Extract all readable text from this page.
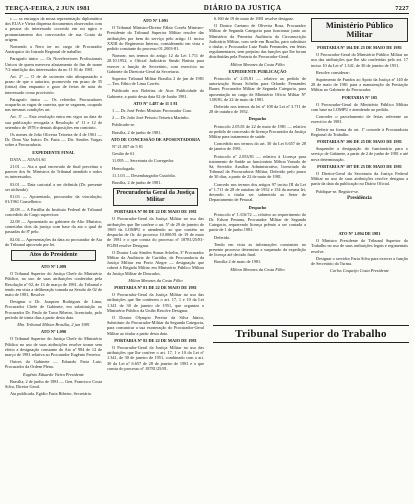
TERÇA-FEIRA, 2 JUN 1981	DIÁRIO DA JUSTIÇA	7227

c — os encargos da nossa representação diplomática dos EUA e Vieira dispensa documentos observados com a pessoa do interessado ocorrido em mi ngiro e pronunciamento dos convocados de sua Conta da origem.

Nomeado a Nero ter no cargo de Procurador Autárquico do Juizado Regional de trabalho.

Paragrafo único — Os Noveleceiores Profissionais Unicos de quem mereceu afastamento do fim de nome 7/2 nimilição dos interessados da no 11 01 de 1981.

Art. 2º — O de de sscientes não ultrapassarão o prazo de que o autorizo, promovido em prazo de 35 (trinta) dias enquanto o gozo de ferias de nota do interessado como provisório.

Paragrafo único — Os referidos Procuradores ocuparão as vagas de carreira, que se vagarem, ocupado nas mesmas condições art.

Art. 3º — Esta resolução entra em vigor na data de sua publicação revogada a Resolução nº 11 e 12 de setembro de 1978 e demais disposições em contrário.

Os nomes de João Oliveira Teixeira de 4 de 1961 — Dr. Dom Vaz Inácio Dr. Faria — Dir. Simões Vargas sobre a Procuradoria.

EXPEDIENTE FINAL

DATA — ATA/01/61

21.01 — Ata a qual encerrado de final preceitua o parecer dos Sr. Ministros do Tribunal atendido e todos os interessados.

03.01 — Data cartorial a ser definida (Dr. presente ser utilizado).

01.03 — Aposentado, procurador da vinculação; 01/1961 Conselheiro.

20.08 — A Partilha do Instituto Federal de Tribunal concedido do Cargo supervisor.

22.08 — Aposentado ao gabinete de Alto Ministro, cometidas dois da justiça com base da ata o qual de passadas do 8º pelo.

02.04 — Apresentações da data ao procurador de Ata do Tribunal aprovado por lei.

Atos do Presidente

ATO Nº 1.089

O Tribunal Superior do Justiça Chefe do Ministério Público, no uso de suas atribuições conferidas pela Resolução nº 02, de 13 de março de 1981, do Tribunal e tendo em vista a deliberação tomada na Sessão de 02 de maio de 1981, Resolve.

Designar o Dr. Joaquim Rodrigues de Lima, Procurador Chefe de Gabinete, em substituição ao Procurador Dr. Paulo de Tarso Ribeiro, licenciado, pelo período de trinta dias a partir desta data.

Min. Tribunal Militar Brasília, 2 jun 1981

ATO Nº 1.090

O Tribunal Superior do Justiça Chefe do Ministério Público no uso de suas atribuições resolve tornar sem efeito a designação constante do Ato nº 984 de 12 de março de 1981 relativa ao Procurador Eugênio Ferreira.

Outros do Gabinete — Eduardo Faria Luiz, Procurador da Ordem Plena.

Eugênio Eduardo Vieira Presidente

Brasília, 2 de junho de 1981 — Gen. Francisco Costa Silva, Diretor Geral.

Ata publicada. Egidio Faria Ribeiro, Secretário.

ATO Nº 1.091

O Tribunal Ministro-Diretor Fábio Corrêa Ministro-Presidente do Tribunal Superior Militar resolve dar atribuições por bem do serviço pelo artigo 11 inciso XXIII do Regimento Interno, considerando em vista o pedido constante do processo 01.2003-81.

Nomear, nos termos do artigo 12 da Lei 1.711 de 28.10.1952, o Oficial Judiciário Simão Batista para exercer a função de Secretário, com exercício no Gabinete da Diretoria-Geral da Secretaria.

Superior Tribunal Militar Brasília 2 de jun de 1981 — Ten. Fábio de Lima Corrêa.

Publicado nos Boletins de Atos Publicidade do Gabinete, a partir desta data 02 de Junho 1981.

ATO Nº 1.487 de 11 5 81

1 — Dr. José Pedro Ministro Procurador Cruz.

2 — Dr. João José Peixoto Teixeira Marinho.

Publicado-se.

Brasília, 2 de junho de 1981.

ATO DE CONCESSÃO DE APOSENTADORIA

Nº 21.007 de 5 81

Gestão de 61

11.095 — Secretaria do Corregedor.

Homologado.

11.1.03 — Desembargador Custódio.

Brasília, 2 de junho de 1981.

Procuradoria Geral da Justiça Militar

PORTARIA Nº 80 DE 22 DE MAIO DE 1981

O Procurador-Geral da Justiça Militar no uso das atribuições que lhe confere o art. 5º de 29 de janeiro de 1969 da LOMPU e atendendo ao que contém no despacho de fls. do processo 10.000/81 de 19 de maio de 1981 e o que consta do processo nº 18781/25/81-PGJM resolve Designar.

O Doutor Luiz Simões Simas Schelin, 3º Procurador Militar da Auditoria de Curitiba, da Procuradoria da Justiça Militar em Porto Alegre — designação que caberá à Brigada Militar em Ministério Público Militar da Justiça Militar de Dourados.

Milton Menezes da Costa Filho

PORTARIA Nº 81 DE 22 DE MAIO DE 1981

O Procurador-Geral da Justiça Militar no uso das atribuições que lhe conferem o art. 17, 1 e 10 da Lei 1.341 de 30 de janeiro de 1951, que organiza o Ministério Público da União Resolve Designar.

O Doutor Olympio Pereira da Silva Júnior, Substituto do Procurador-Militar da Segunda Categoria, para comunicar a sua exoneração do Procurador-Geral Militar ao titular a partir desta data.

PORTARIA Nº 82 DE 22 DE MAIO DE 1981

O Procurador-Geral da Justiça Militar no uso das atribuições que lhe confere o art. 17, 1 e 10 da Lei nº 1.341, de 30 de janeiro de 1951, combinado com o art. 30 da Lei nº 6.657 de 28 de janeiro de 1981 e o que consta do processo nº 18781/25/81.

6.160 de 19 de maio de 1981 resolve designar.

O Doutor Caetano de Oliveira Rosa, Procurador Militar de Segunda Categoria para funcionar junto ao Ministério da Primeira Auditoria da Circunscrição Judiciária Militar, com sede em Brasília, para substituir o titular, o Procurador Luiz Paulo Fernandes, em férias regulamentares, sem prejuízo das funções que lhe foram distribuídas pela Portaria do Procurador-Geral.

Milton Menezes da Costa Filho

EXPEDIENTE PUBLICAÇÃO

Protocolo nº 2.05.81 — relativo ao pedido de autorização Simas Schelin para Orlando Fernandes Bauer, Procurador Militar de Segunda Categoria, para aposentação no cargo de Ministério Ofício Militar Nº 1.08/81, de 22 de maio de 1981.

Deferido nos termos da lei nº 108 da Lei nº 3.711 de 28 de outubro de 1952.

Despacho

Protocolo 2.05.81 de 22 de maio de 1981 — relativo ao pedido de concessão de licença Procurador da Justiça Militar para tratamento de saúde.

Concedido nos termos do art. 30 da Lei 6.657 de 28 de janeiro de 1981.

Protocolo nº 2.053/81 — relativo à Licença para tratamento de Saúde ao funcionário Milton Vassalo de Sá, Servidor Auxiliar Administrativo, licenciado do Tribunal da Procuradoria Militar, Deferido pelo prazo de 30 dias, a partir de 22 de maio de 1981.

Concedo nos termos dos artigos 97 inciso III da Lei nº 1.711 de 28 de outubro de 1952 e 154 da mesma lei, devendo o titular ser submetido ao Setor de Departamento de Pessoal.

Despacho

Protocolo nº 1.316/72 — relativo ao requerimento do Dr. Edson Pestana, Procurador Militar de Segunda Categoria, requerendo licença prêmio a ser contada a partir de 1 de junho 1981.

Deferido.

Tendo em vista as informações constantes no presente processo determino a suspensão da expedição de licença até decisão final.

Brasília 2 de maio de 1981.

Milton Menezes da Costa Filho

Ministério Público Militar

PORTARIA Nº 104 DE 25 DE MAIO DE 1981

O Procurador-Geral do Ministério Público Militar no uso das atribuições que lhe são conferidas pelo art. 17 inciso 10 da Lei nº 1.341, de 30 de janeiro de 1951.

Resolve considerar:

Suprimento de Fundos ao Apoio da Justiça nº 140 de 28 de maio de 1981 para a manutenção da Prestação Militar no Gabinete do Procurador.

PORTARIA Nº 105

O Procurador-Geral do Ministério Público Militar com base na LOMPU e atendendo ao pedido.

Conceder o parcelamento de férias referente ao exercício de 1981.

Deferir na forma do art. 1º concede à Procuradoria Regional do Trabalho.

PORTARIA Nº 106 DE 25 DE MAIO DE 1981

Suspender a designação do funcionário para o serviço de Gabinete, a partir de 2 de junho de 1981 e até nova determinação.

PORTARIA Nº 107 DE 25 DE MAIO DE 1981

O Diretor-Geral da Secretaria da Justiça Federal Militar no uso de suas atribuições resolve designar a partir da data da publicação no Diário Oficial.

Publique-se. Registre-se.

Presidência

ATO Nº 1.094 DE 1981

O Ministro Presidente do Tribunal Superior do Trabalho no uso de suas atribuições legais e regimentais resolve.

Designar o servidor Faria Silva para exercer a função de Secretário da Turma.

Carlos Coqueijo Costa Presidente

Tribunal Superior do Trabalho
